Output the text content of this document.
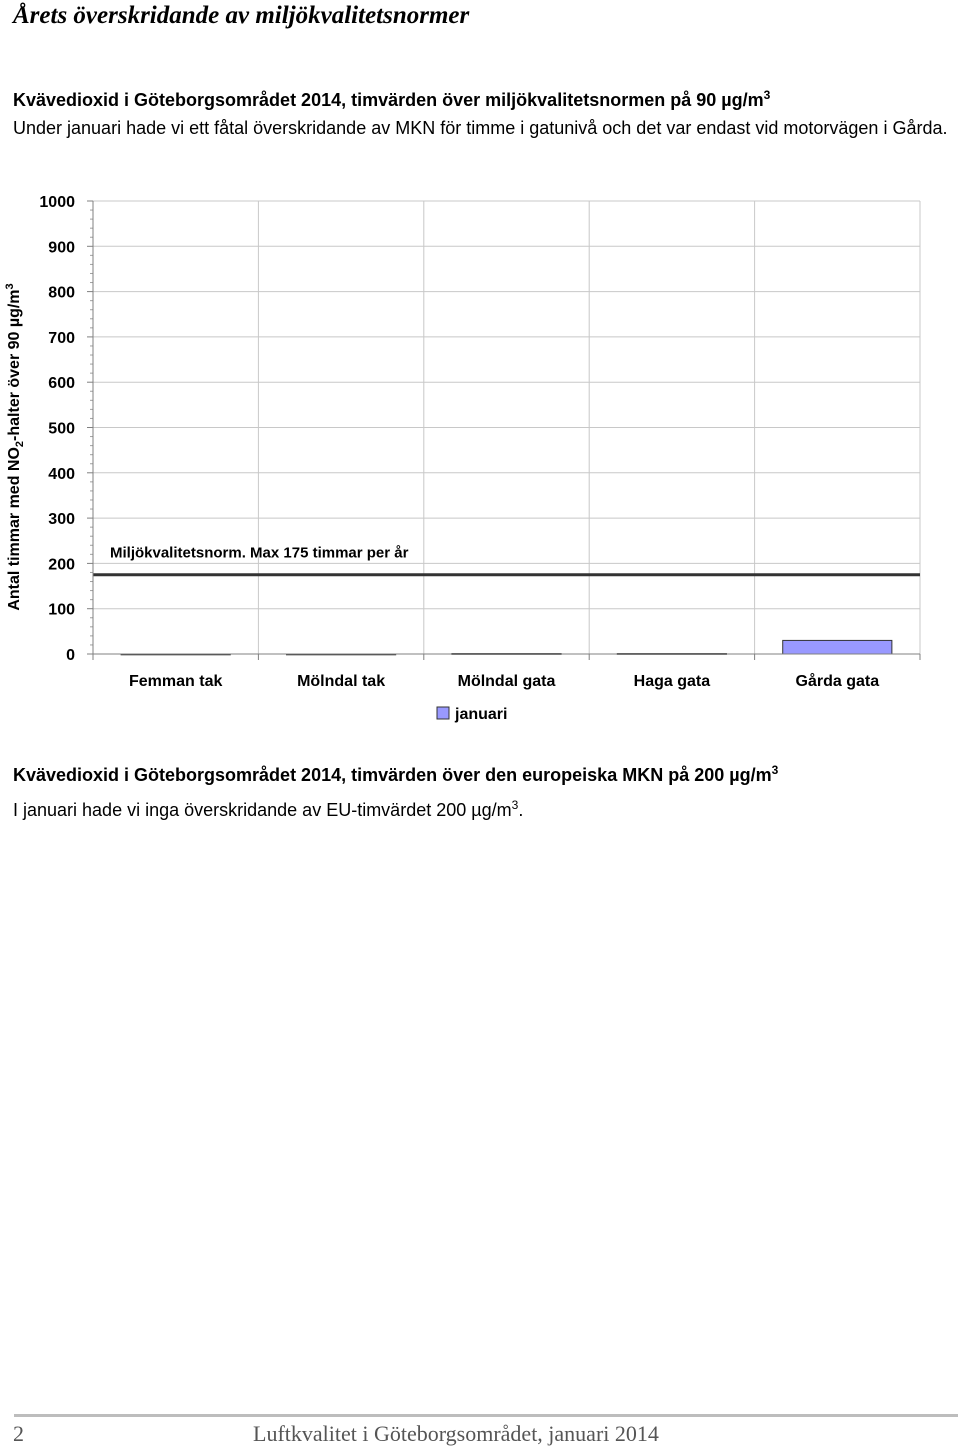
Årets överskridande av miljökvalitetsnormer

Kvävedioxid i Göteborgsområdet 2014, timvärden över miljökvalitetsnormen på 90 $\mu g/m^3$

Under januari hade vi ett fåtal överskridande av MKN för timme i gatunivå och det var endast vid motorvägen i Gårda.

Miljökvalitetsnorm. Max 175 timmar per år
0
100
200
300
400
500
600
700
800
900
1000
Femman tak	Mölndal tak	Mölndal gata	Haga gata	Gårda gata
Antal timmar med $NO_2$-halter över 90 $\mu g/m^3$
januari

Kvävedioxid i Göteborgsområdet 2014, timvärden över den europeiska MKN på 200 $\mu g/m^3$

I januari hade vi inga överskridande av EU-timvärdet 200 $\mu g/m^3$.

2	Luftkvalitet i Göteborgsområdet, januari 2014
